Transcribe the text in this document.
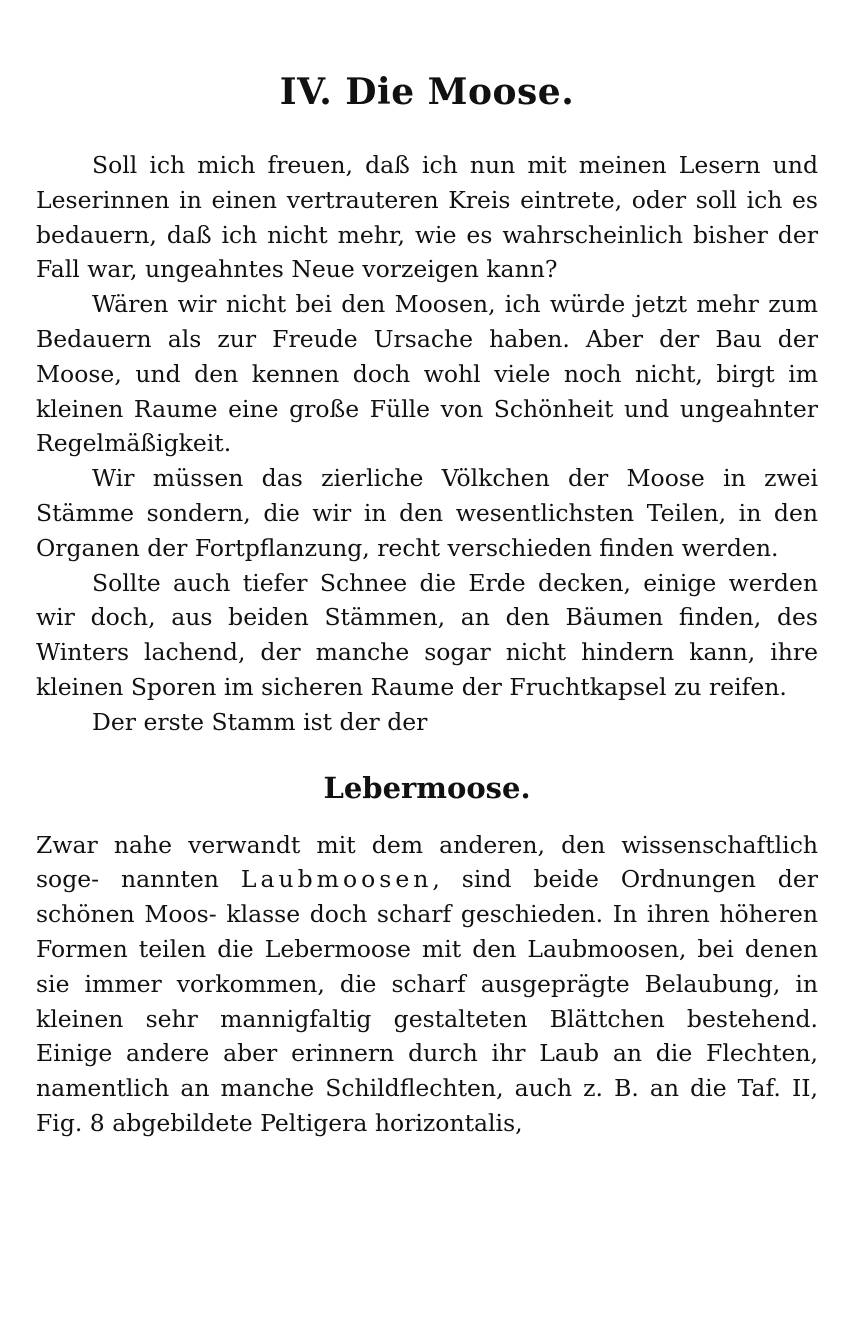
IV. Die Moose.

Soll ich mich freuen, daß ich nun mit meinen Lesern und Leserinnen in einen vertrauteren Kreis eintrete, oder soll ich es bedauern, daß ich nicht mehr, wie es wahrscheinlich bisher der Fall war, ungeahntes Neue vorzeigen kann?

Wären wir nicht bei den Moosen, ich würde jetzt mehr zum Bedauern als zur Freude Ursache haben. Aber der Bau der Moose, und den kennen doch wohl viele noch nicht, birgt im kleinen Raume eine große Fülle von Schönheit und ungeahnter Regelmäßigkeit.

Wir müssen das zierliche Völkchen der Moose in zwei Stämme sondern, die wir in den wesentlichsten Teilen, in den Organen der Fortpflanzung, recht verschieden finden werden.

Sollte auch tiefer Schnee die Erde decken, einige werden wir doch, aus beiden Stämmen, an den Bäumen finden, des Winters lachend, der manche sogar nicht hindern kann, ihre kleinen Sporen im sicheren Raume der Fruchtkapsel zu reifen.

Der erste Stamm ist der der

Lebermoose.

Zwar nahe verwandt mit dem anderen, den wissenschaftlich soge- nannten Laubmoosen, sind beide Ordnungen der schönen Moos- klasse doch scharf geschieden. In ihren höheren Formen teilen die Lebermoose mit den Laubmoosen, bei denen sie immer vorkommen, die scharf ausgeprägte Belaubung, in kleinen sehr mannigfaltig gestalteten Blättchen bestehend. Einige andere aber erinnern durch ihr Laub an die Flechten, namentlich an manche Schildflechten, auch z. B. an die Taf. II, Fig. 8 abgebildete Peltigera horizontalis,
